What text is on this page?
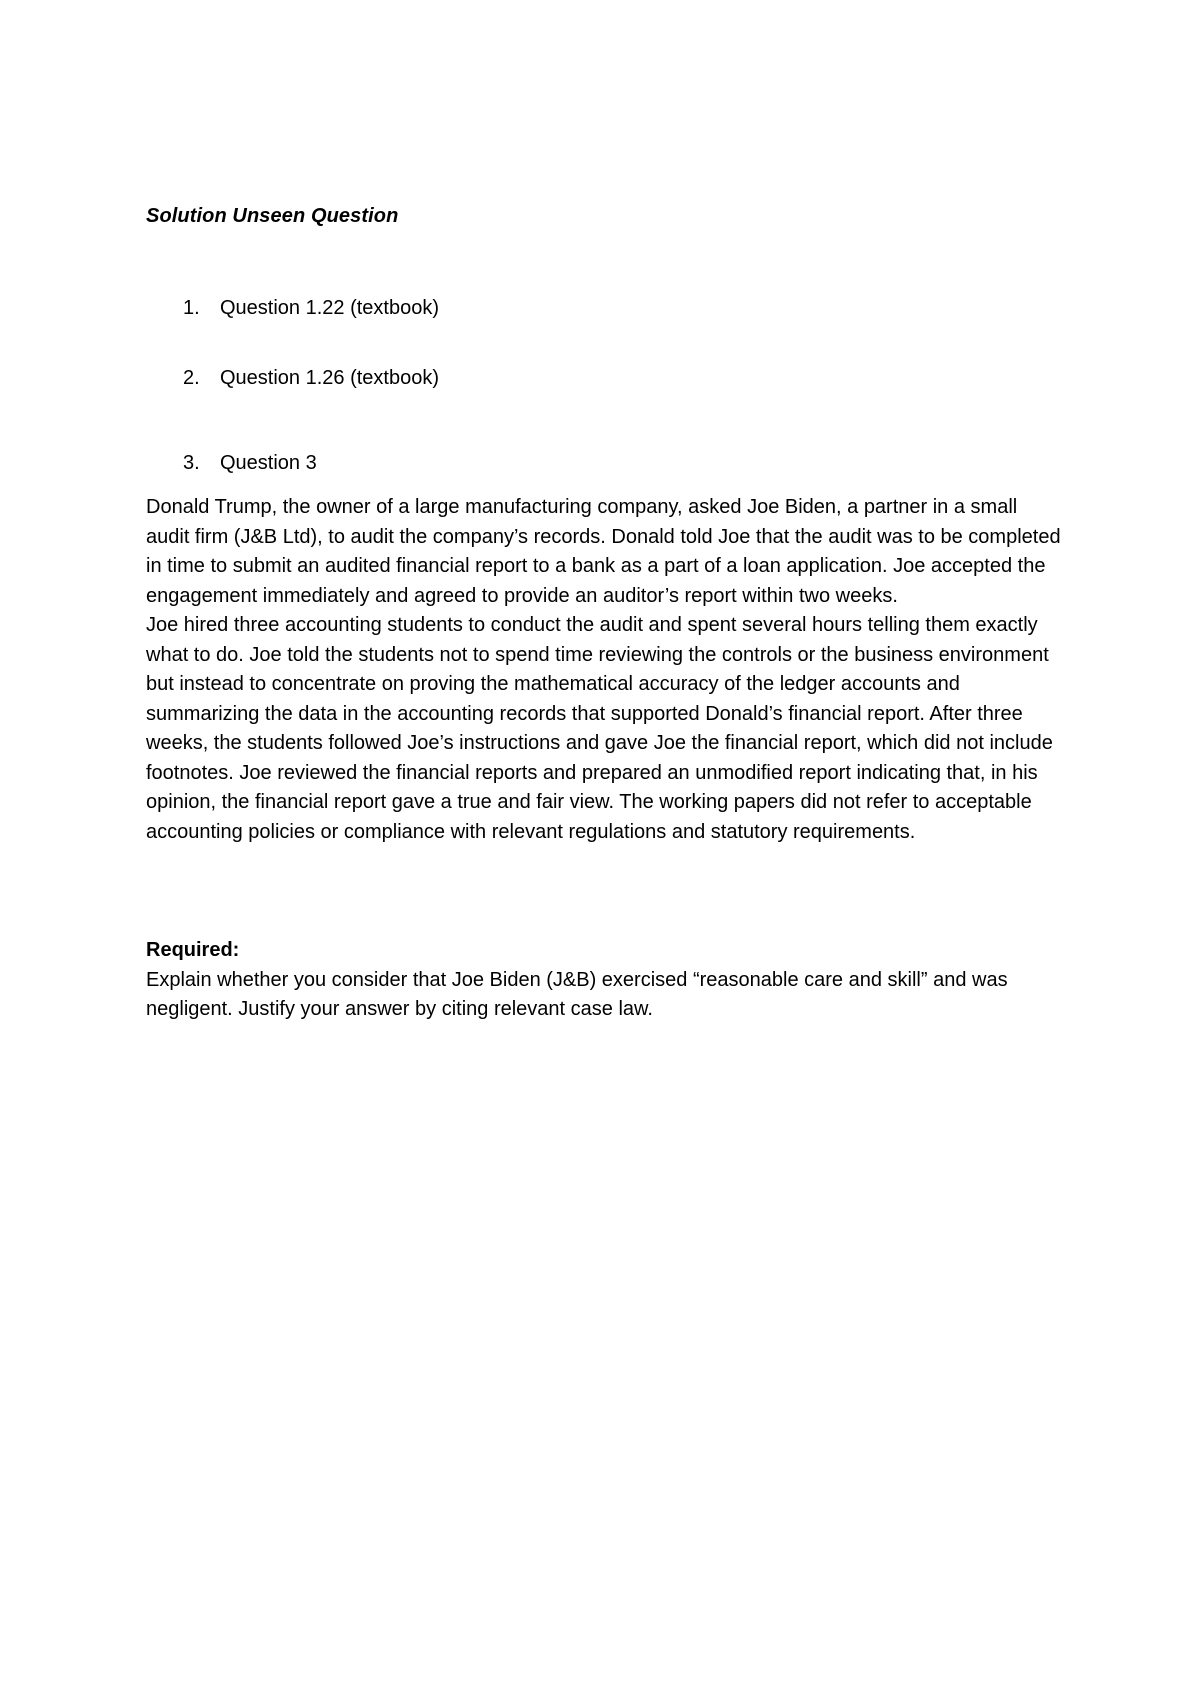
Solution Unseen Question
1. Question 1.22 (textbook)
2. Question 1.26 (textbook)
3. Question 3

Donald Trump, the owner of a large manufacturing company, asked Joe Biden, a partner in a small audit firm (J&B Ltd), to audit the company’s records. Donald told Joe that the audit was to be completed in time to submit an audited financial report to a bank as a part of a loan application. Joe accepted the engagement immediately and agreed to provide an auditor’s report within two weeks.

Joe hired three accounting students to conduct the audit and spent several hours telling them exactly what to do. Joe told the students not to spend time reviewing the controls or the business environment but instead to concentrate on proving the mathematical accuracy of the ledger accounts and summarizing the data in the accounting records that supported Donald’s financial report. After three weeks, the students followed Joe’s instructions and gave Joe the financial report, which did not include footnotes. Joe reviewed the financial reports and prepared an unmodified report indicating that, in his opinion, the financial report gave a true and fair view. The working papers did not refer to acceptable accounting policies or compliance with relevant regulations and statutory requirements.

Required:

Explain whether you consider that Joe Biden (J&B) exercised “reasonable care and skill” and was negligent. Justify your answer by citing relevant case law.
